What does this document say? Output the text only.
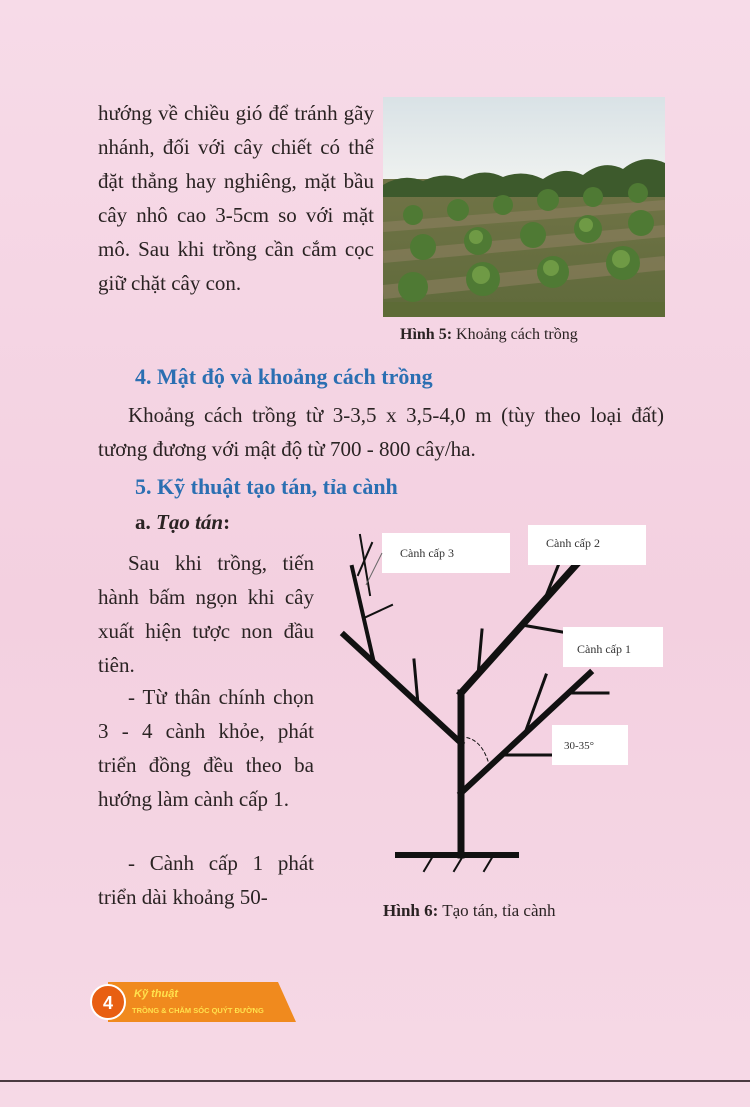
hướng về chiều gió để tránh gãy nhánh, đối với cây chiết có thể đặt thẳng hay nghiêng, mặt bầu cây nhô cao 3-5cm so với mặt mô. Sau khi trồng cần cắm cọc giữ chặt cây con.
Hình 5: Khoảng cách trồng
4. Mật độ và khoảng cách trồng
Khoảng cách trồng từ 3-3,5 x 3,5-4,0 m (tùy theo loại đất) tương đương với mật độ từ 700 - 800 cây/ha.
5. Kỹ thuật tạo tán, tỉa cành
a. Tạo tán:
Sau khi trồng, tiến hành bấm ngọn khi cây xuất hiện tược non đầu tiên.
- Từ thân chính chọn 3 - 4 cành khỏe, phát triển đồng đều theo ba hướng làm cành cấp 1.
- Cành cấp 1 phát triển dài khoảng 50-
Cành cấp 3
Cành cấp 2
Cành cấp 1
30-35°
Hình 6: Tạo tán, tỉa cành
4 Kỹ thuật
TRỒNG & CHĂM SÓC QUÝT ĐƯỜNG
